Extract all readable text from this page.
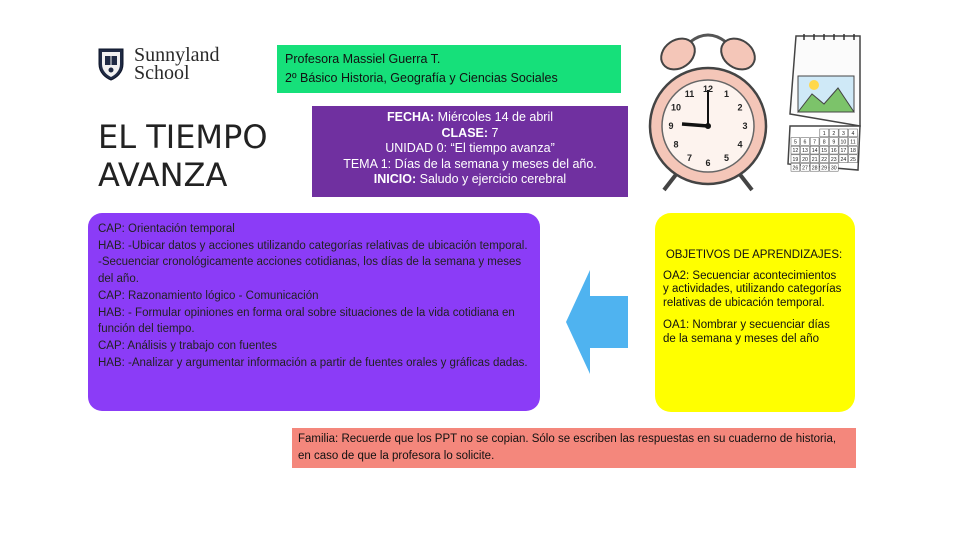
Sunnyland
School
Profesora Massiel Guerra T.
2º Básico Historia, Geografía y Ciencias Sociales
EL TIEMPO
AVANZA
FECHA: Miércoles 14 de abril
CLASE: 7
UNIDAD 0: “El tiempo avanza”
TEMA 1: Días de la semana y meses del año.
INICIO: Saludo y ejercicio cerebral

CAP: Orientación temporal

HAB: -Ubicar datos y acciones utilizando categorías relativas de ubicación temporal.

-Secuenciar cronológicamente acciones cotidianas, los días de la semana y meses del año.

CAP: Razonamiento lógico - Comunicación

HAB: - Formular opiniones en forma oral sobre situaciones de la vida cotidiana en función del tiempo.

CAP: Análisis y trabajo con fuentes

HAB: -Analizar y argumentar información a partir de fuentes orales y gráficas dadas.

OBJETIVOS DE APRENDIZAJES:

OA2: Secuenciar acontecimientos y actividades, utilizando categorías relativas de ubicación temporal.

OA1: Nombrar y secuenciar días de la semana y meses del año

Familia: Recuerde que los PPT no se copian. Sólo se escriben las respuestas en su cuaderno de historia, en caso de que la profesora lo solicite.
12 1
2
3
4
5
6
7
8
9
10
11
1 2 3 4
5 6 7 8 9 10 11
12 13 14 15 16 17 18
19 20 21 22 23 24 25
26 27 28 29 30
